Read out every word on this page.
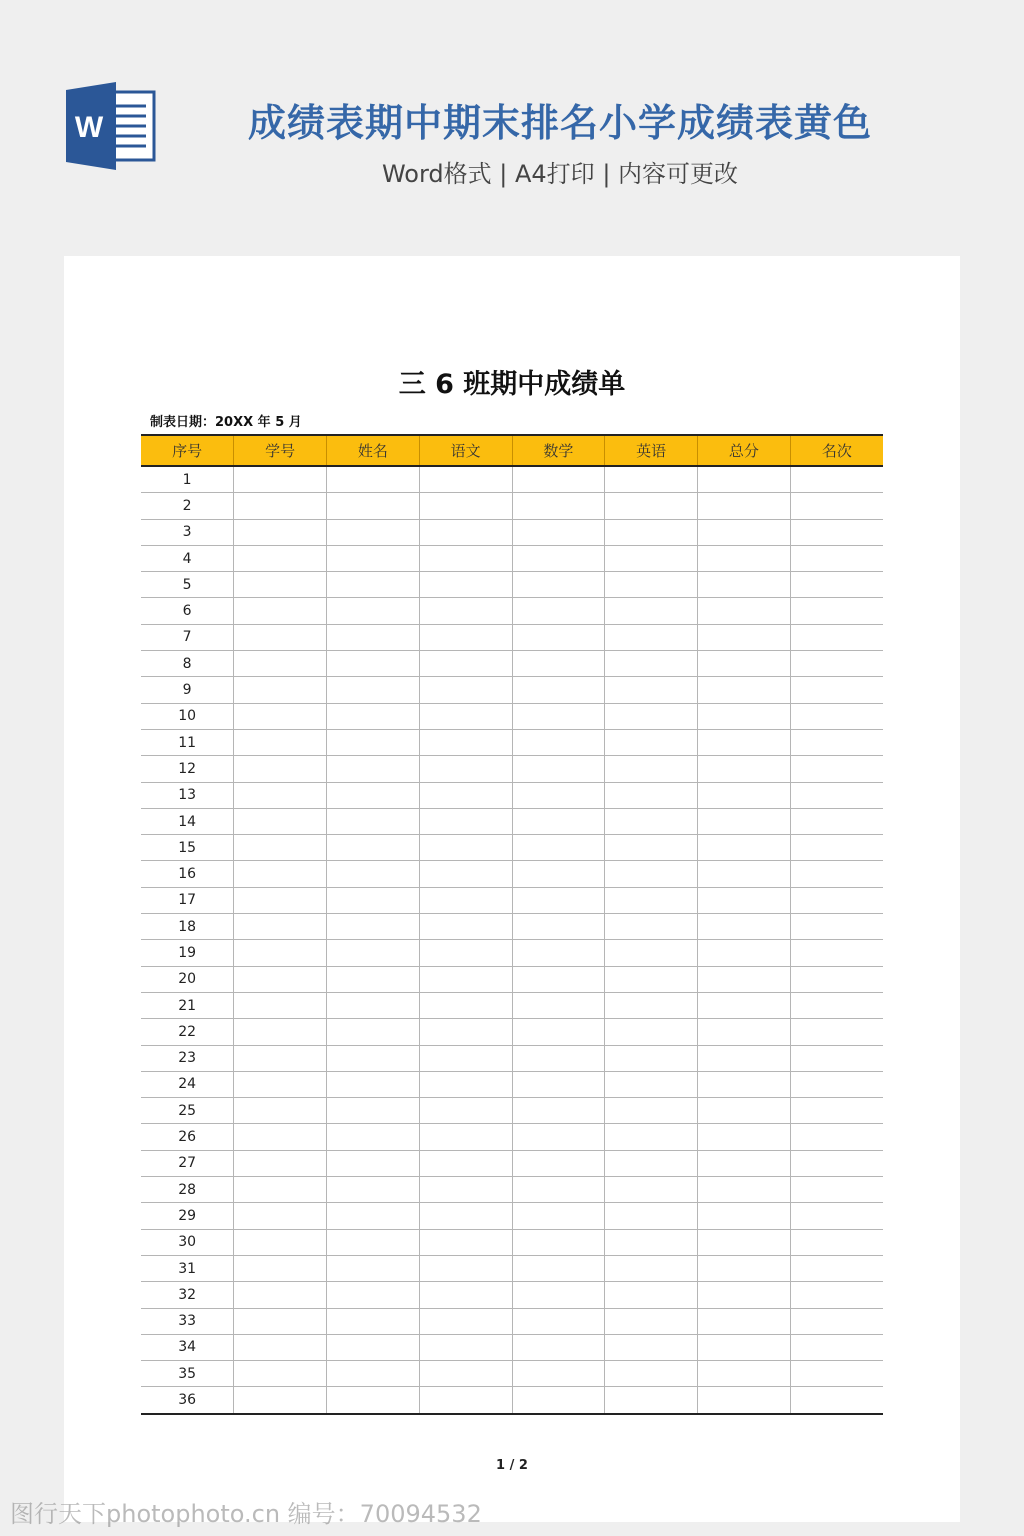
W	成绩表期中期末排名小学成绩表黄色
Word格式 | A4打印 | 内容可更改
三 6 班期中成绩单
制表日期：20XX 年 5 月
序号	学号	姓名	语文	数学	英语	总分	名次
1							
2							
3							
4							
5							
6							
7							
8							
9							
10							
11							
12							
13							
14							
15							
16							
17							
18							
19							
20							
21							
22							
23							
24							
25							
26							
27							
28							
29							
30							
31							
32							
33							
34							
35							
36							
1 / 2
图行天下photophoto.cn 编号：70094532
